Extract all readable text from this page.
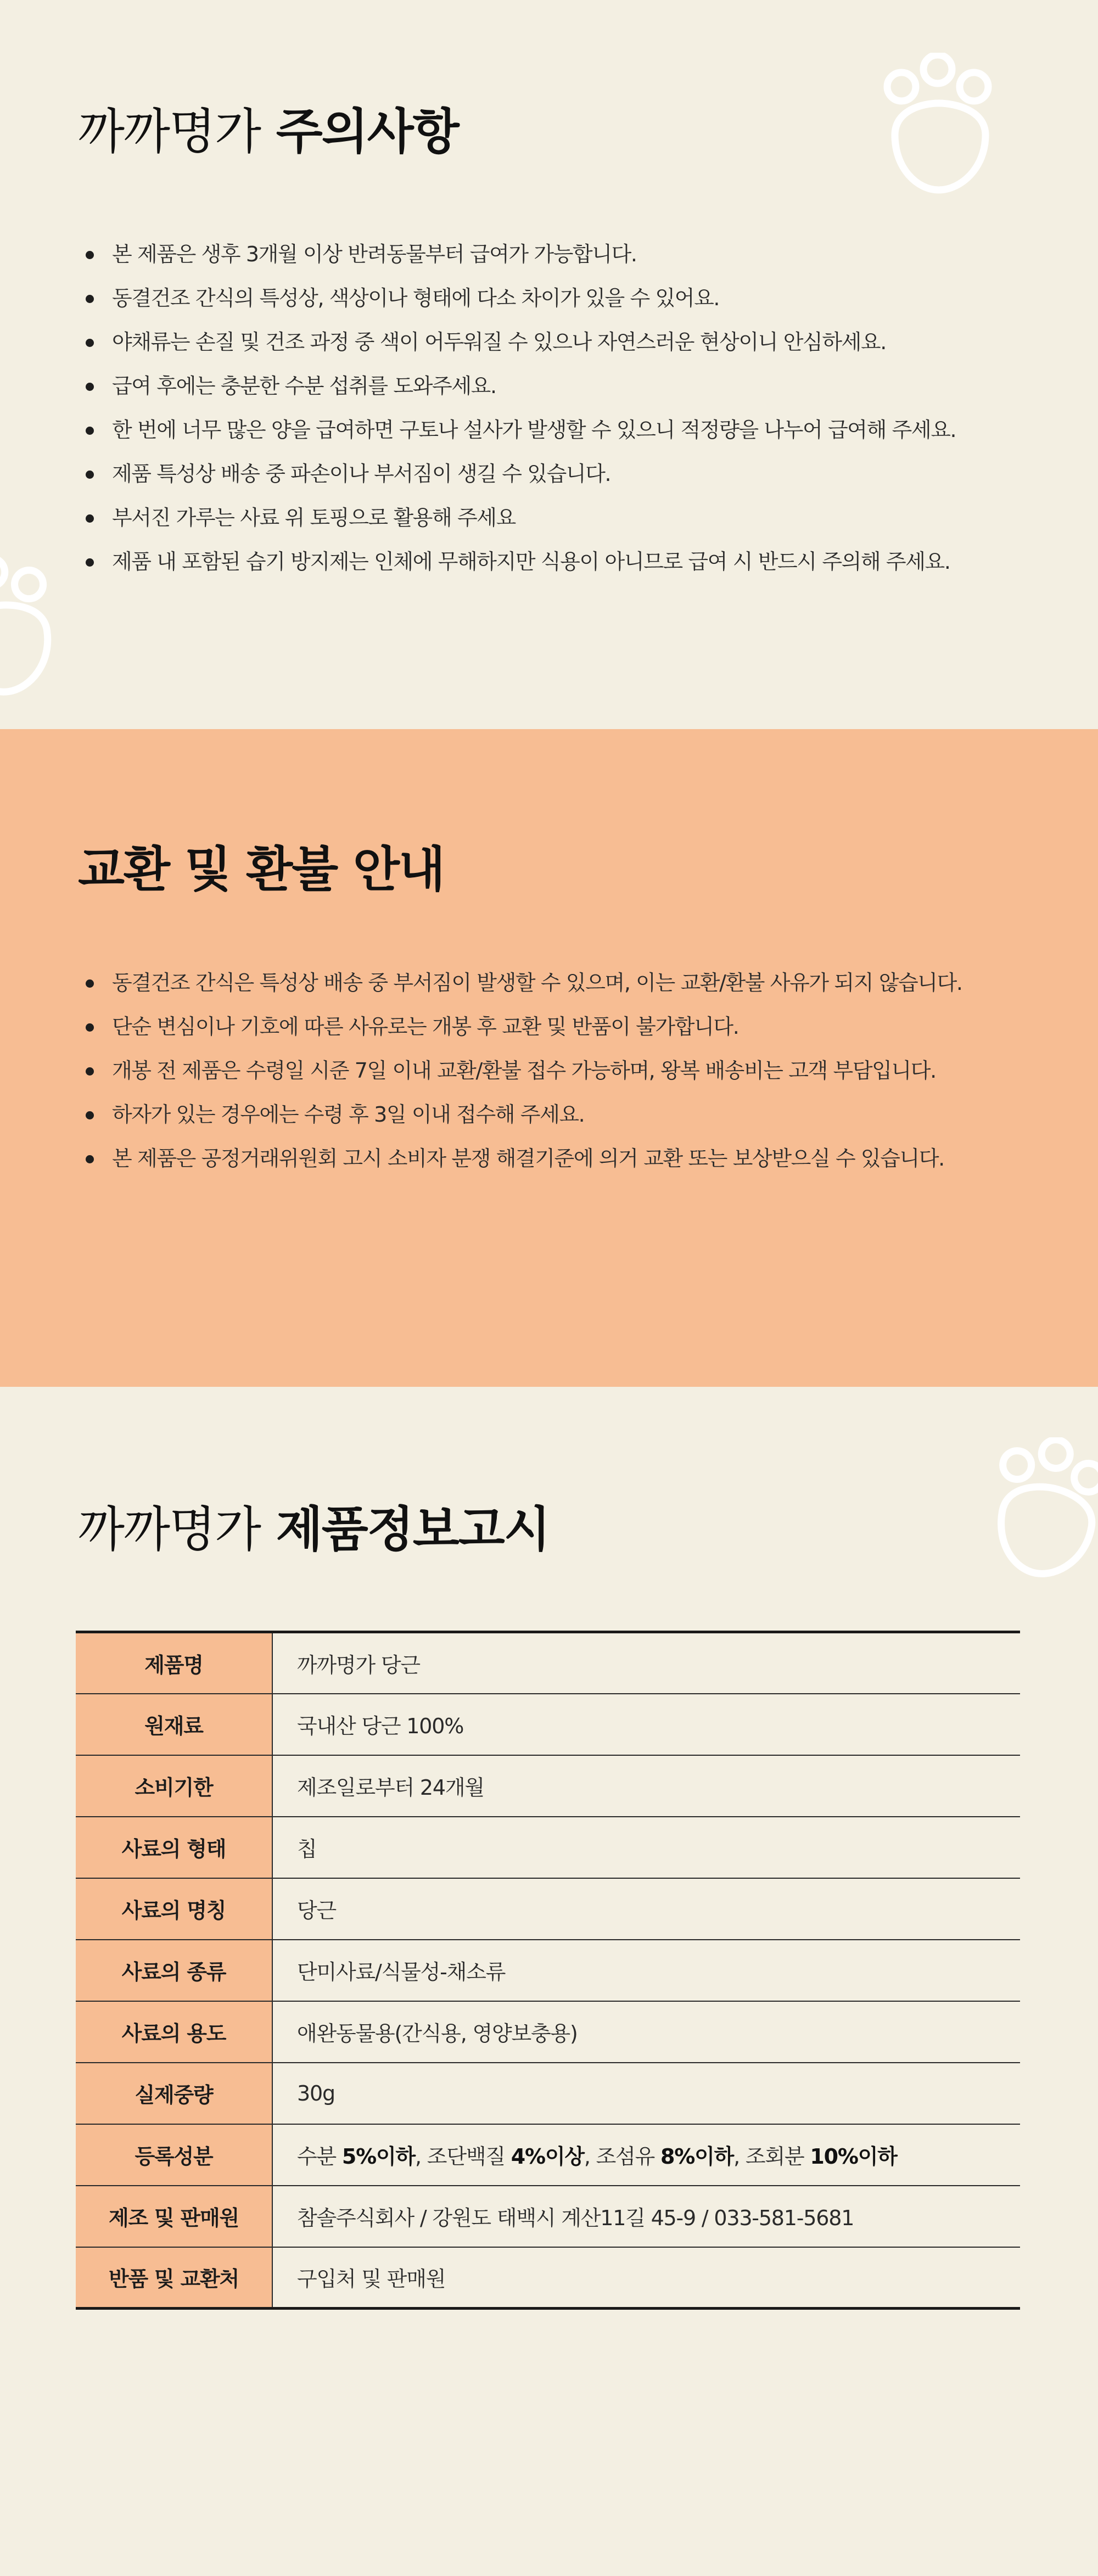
까까명가 주의사항
본 제품은 생후 3개월 이상 반려동물부터 급여가 가능합니다.
동결건조 간식의 특성상, 색상이나 형태에 다소 차이가 있을 수 있어요.
야채류는 손질 및 건조 과정 중 색이 어두워질 수 있으나 자연스러운 현상이니 안심하세요.
급여 후에는 충분한 수분 섭취를 도와주세요.
한 번에 너무 많은 양을 급여하면 구토나 설사가 발생할 수 있으니 적정량을 나누어 급여해 주세요.
제품 특성상 배송 중 파손이나 부서짐이 생길 수 있습니다.
부서진 가루는 사료 위 토핑으로 활용해 주세요
제품 내 포함된 습기 방지제는 인체에 무해하지만 식용이 아니므로 급여 시 반드시 주의해 주세요.
교환 및 환불 안내
동결건조 간식은 특성상 배송 중 부서짐이 발생할 수 있으며, 이는 교환/환불 사유가 되지 않습니다.
단순 변심이나 기호에 따른 사유로는 개봉 후 교환 및 반품이 불가합니다.
개봉 전 제품은 수령일 시준 7일 이내 교환/환불 접수 가능하며, 왕복 배송비는 고객 부담입니다.
하자가 있는 경우에는 수령 후 3일 이내 접수해 주세요.
본 제품은 공정거래위원회 고시 소비자 분쟁 해결기준에 의거 교환 또는 보상받으실 수 있습니다.
까까명가 제품정보고시
제품명	까까명가 당근
원재료	국내산 당근 100%
소비기한	제조일로부터 24개월
사료의 형태	칩
사료의 명칭	당근
사료의 종류	단미사료/식물성-채소류
사료의 용도	애완동물용(간식용, 영양보충용)
실제중량	30g
등록성분	수분 5%이하, 조단백질 4%이상, 조섬유 8%이하, 조회분 10%이하
제조 및 판매원	참솔주식회사 / 강원도 태백시 계산11길 45-9 / 033-581-5681
반품 및 교환처	구입처 및 판매원
